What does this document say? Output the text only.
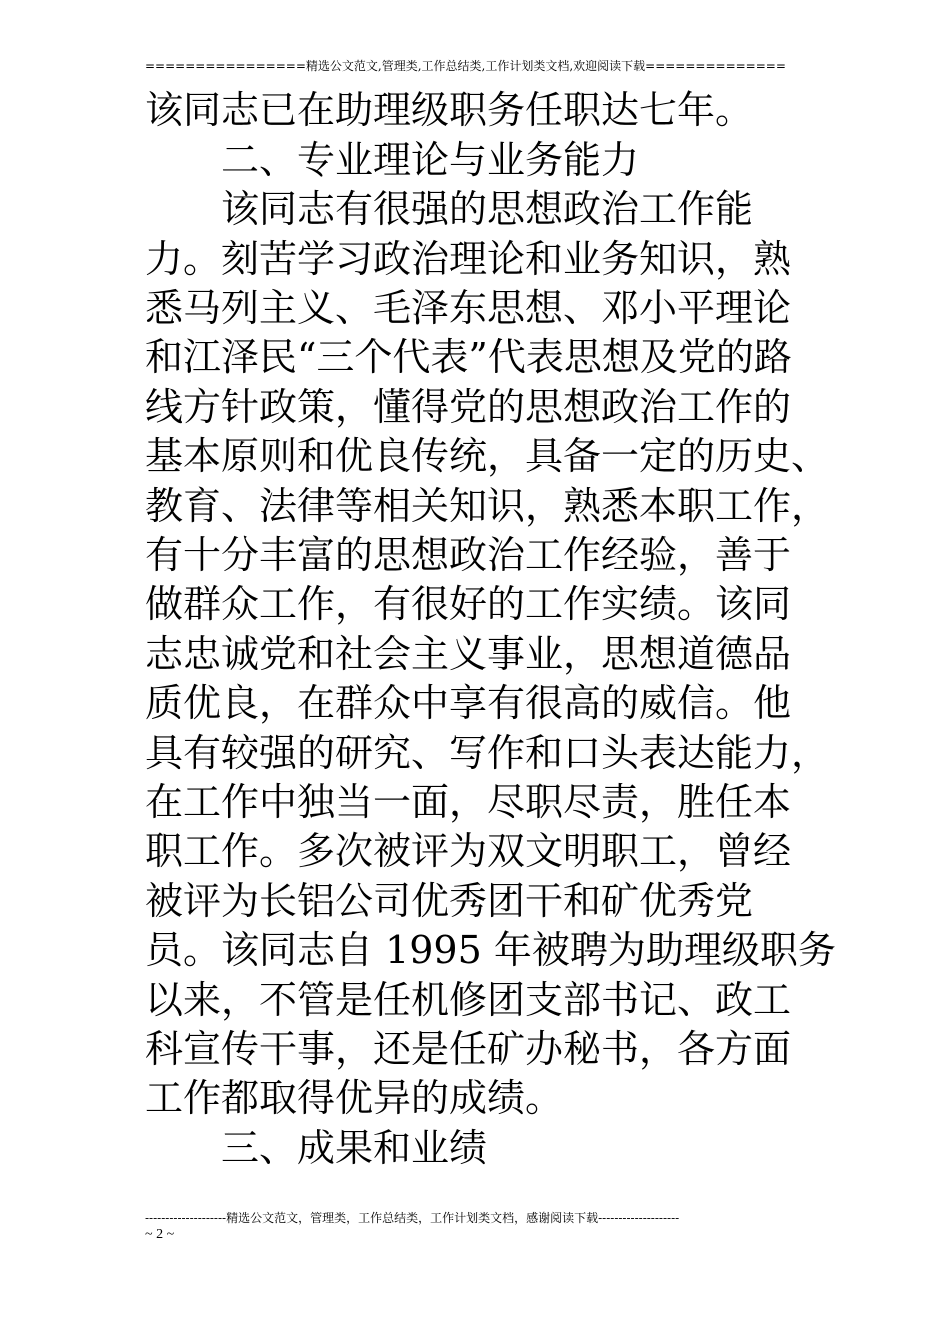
================精选公文范文,管理类,工作总结类,工作计划类文档,欢迎阅读下载==============
该同志已在助理级职务任职达七年。
　　二、专业理论与业务能力
　　该同志有很强的思想政治工作能
力。刻苦学习政治理论和业务知识，熟
悉马列主义、毛泽东思想、邓小平理论
和江泽民“三个代表”代表思想及党的路
线方针政策，懂得党的思想政治工作的
基本原则和优良传统，具备一定的历史、
教育、法律等相关知识，熟悉本职工作，
有十分丰富的思想政治工作经验，善于
做群众工作，有很好的工作实绩。该同
志忠诚党和社会主义事业，思想道德品
质优良，在群众中享有很高的威信。他
具有较强的研究、写作和口头表达能力，
在工作中独当一面，尽职尽责，胜任本
职工作。多次被评为双文明职工，曾经
被评为长铝公司优秀团干和矿优秀党
员。该同志自 1995 年被聘为助理级职务
以来，不管是任机修团支部书记、政工
科宣传干事，还是任矿办秘书，各方面
工作都取得优异的成绩。
　　三、成果和业绩
--------------------精选公文范文，管理类，工作总结类，工作计划类文档，感谢阅读下载--------------------
~ 2 ~
